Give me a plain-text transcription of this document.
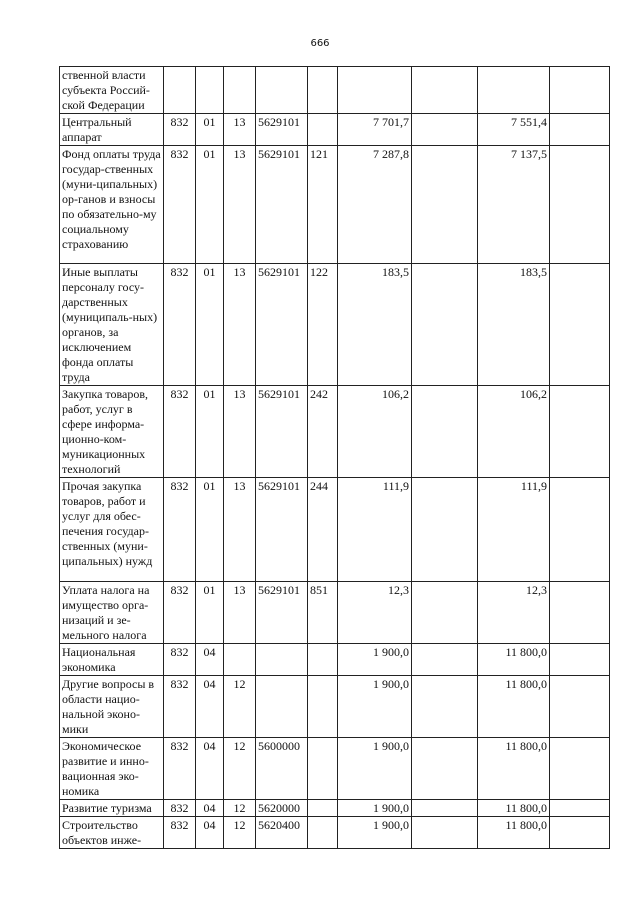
666
ственной власти субъекта Россий-ской Федерации									
Центральный аппарат	832	01	13	5629101		7 701,7		7 551,4	
Фонд оплаты труда государ-ственных (муни-ципальных) ор-ганов и взносы по обязательно-му социальному страхованию	832	01	13	5629101	121	7 287,8		7 137,5	
Иные выплаты персоналу госу-дарственных (муниципаль-ных) органов, за исключением фонда оплаты труда	832	01	13	5629101	122	183,5		183,5	
Закупка товаров, работ, услуг в сфере информа-ционно-ком-муникационных технологий	832	01	13	5629101	242	106,2		106,2	
Прочая закупка товаров, работ и услуг для обес-печения государ-ственных (муни-ципальных) нужд	832	01	13	5629101	244	111,9		111,9	
Уплата налога на имущество орга-низаций и зе-мельного налога	832	01	13	5629101	851	12,3		12,3	
Национальная экономика	832	04				1 900,0		11 800,0	
Другие вопросы в области нацио-нальной эконо-мики	832	04	12			1 900,0		11 800,0	
Экономическое развитие и инно-вационная эко-номика	832	04	12	5600000		1 900,0		11 800,0	
Развитие туризма	832	04	12	5620000		1 900,0		11 800,0	
Строительство объектов инже-	832	04	12	5620400		1 900,0		11 800,0	
